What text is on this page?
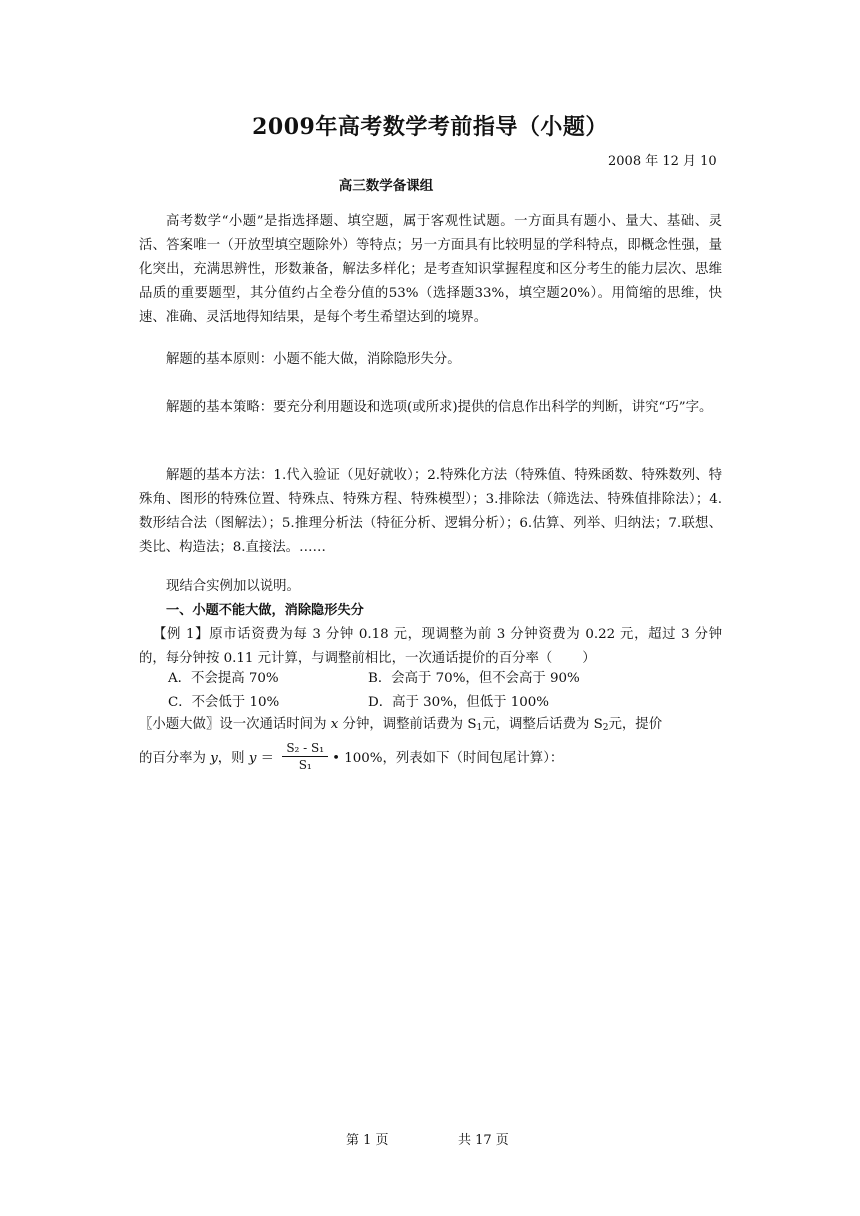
2009年高考数学考前指导（小题）
2008 年 12 月 10
高三数学备课组
高考数学“小题”是指选择题、填空题，属于客观性试题。一方面具有题小、量大、基础、灵活、答案唯一（开放型填空题除外）等特点；另一方面具有比较明显的学科特点，即概念性强，量化突出，充满思辨性，形数兼备，解法多样化；是考查知识掌握程度和区分考生的能力层次、思维品质的重要题型，其分值约占全卷分值的53%（选择题33%，填空题20%）。用简缩的思维，快速、准确、灵活地得知结果，是每个考生希望达到的境界。
解题的基本原则：小题不能大做，消除隐形失分。
解题的基本策略：要充分利用题设和选项(或所求)提供的信息作出科学的判断，讲究“巧”字。
解题的基本方法：1.代入验证（见好就收）；2.特殊化方法（特殊值、特殊函数、特殊数列、特殊角、图形的特殊位置、特殊点、特殊方程、特殊模型）；3.排除法（筛选法、特殊值排除法）；4.数形结合法（图解法）；5.推理分析法（特征分析、逻辑分析）；6.估算、列举、归纳法；7.联想、类比、构造法；8.直接法。……
现结合实例加以说明。
一、小题不能大做，消除隐形失分
【例 1】原市话资费为每 3 分钟 0.18 元，现调整为前 3 分钟资费为 0.22 元，超过 3 分钟的，每分钟按 0.11 元计算，与调整前相比，一次通话提价的百分率（ ）
A．不会提高 70%	B．会高于 70%，但不会高于 90%
C．不会低于 10%	D．高于 30%，但低于 100%
〖小题大做〗设一次通话时间为 x 分钟，调整前话费为 $S_1$元，调整后话费为 $S_2$元，提价
的百分率为 y，则 $y = \frac{\text{S₂ - S₁}}{\text{S₁}}$ • 100%，列表如下（时间包尾计算）：
第 1 页	共 17 页
